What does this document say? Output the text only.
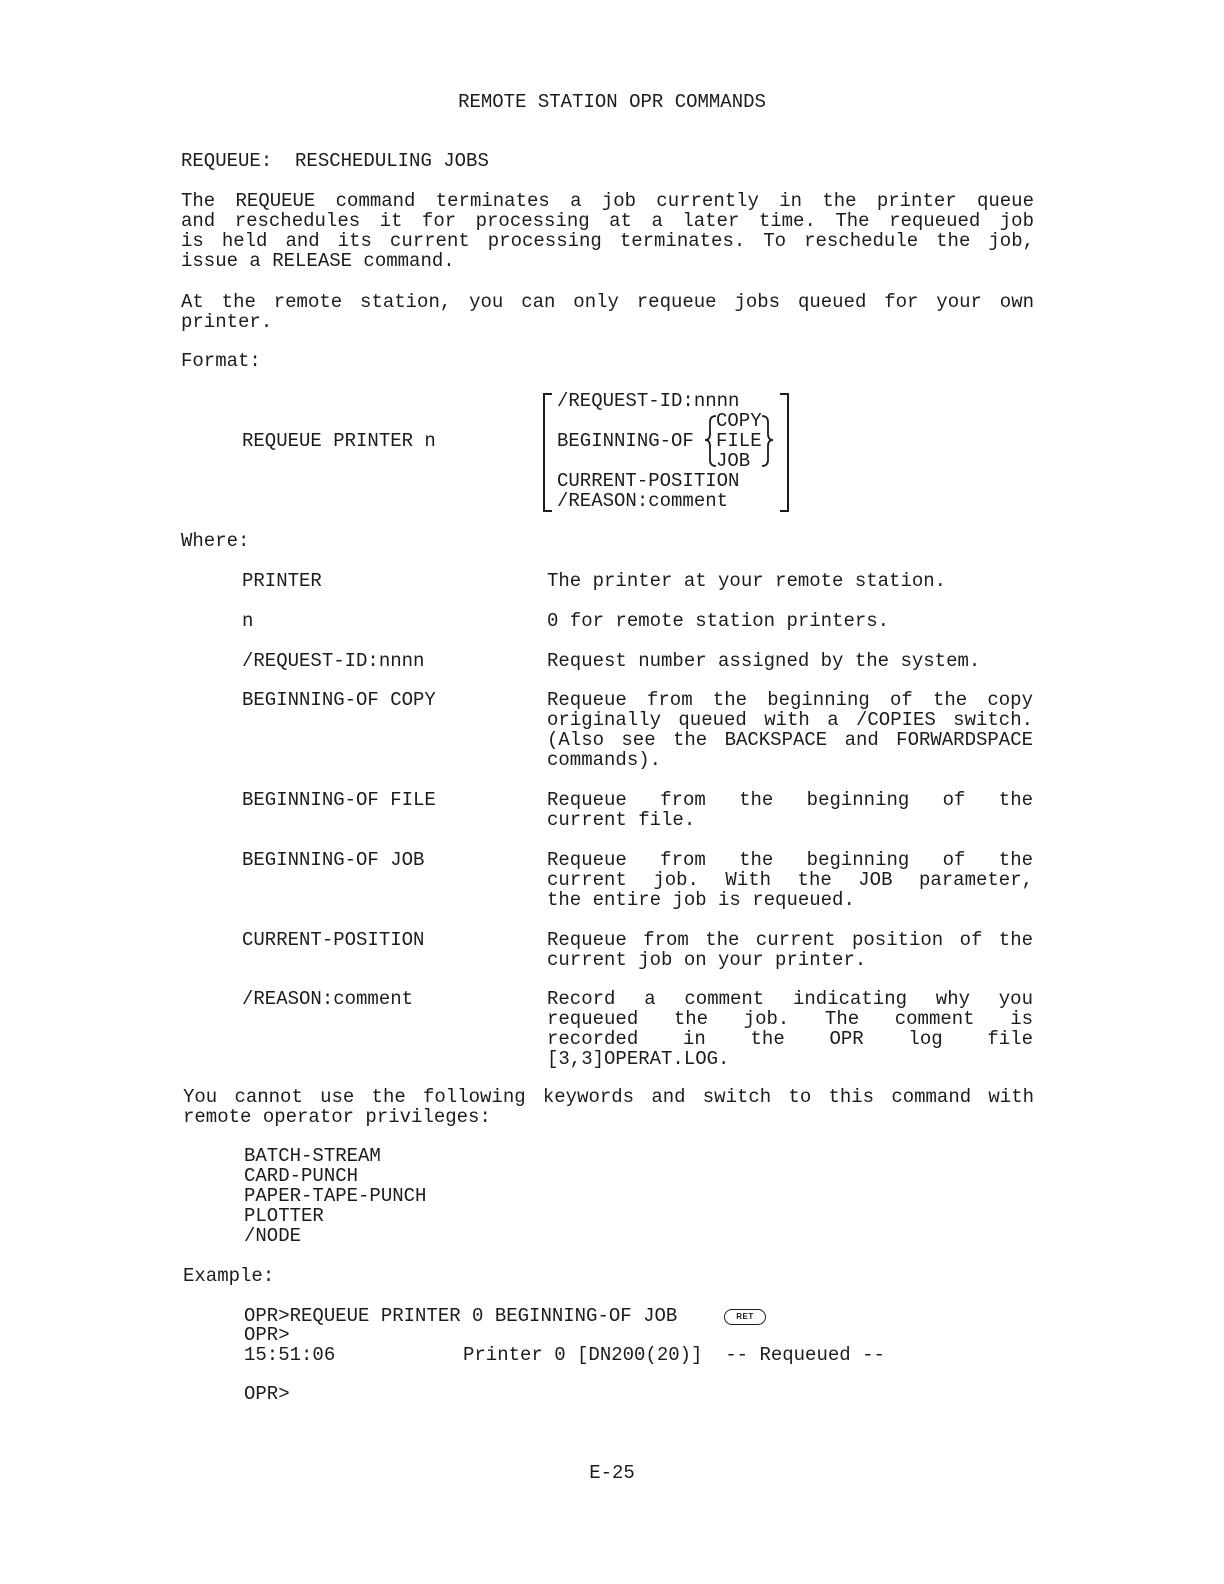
REMOTE STATION OPR COMMANDS
REQUEUE:  RESCHEDULING JOBS
The REQUEUE command terminates a job currently in the printer queue
and reschedules it for processing at a later time. The requeued job
is held and its current processing terminates. To reschedule the job,
issue a RELEASE command.
At the remote station, you can only requeue jobs queued for your own
printer.
Format:
REQUEUE PRINTER n
/REQUEST-ID:nnnn
COPY
BEGINNING-OF FILE
JOB
CURRENT-POSITION
/REASON:comment
Where:
PRINTER	The printer at your remote station.
n	0 for remote station printers.
/REQUEST-ID:nnnn	Request number assigned by the system.
BEGINNING-OF COPY	Requeue from the beginning of the copy
originally queued with a /COPIES switch.
(Also see the BACKSPACE and FORWARDSPACE
commands).
BEGINNING-OF FILE	Requeue from the beginning of the
current file.
BEGINNING-OF JOB	Requeue from the beginning of the
current job. With the JOB parameter,
the entire job is requeued.
CURRENT-POSITION	Requeue from the current position of the
current job on your printer.
/REASON:comment	Record a comment indicating why you
requeued the job. The comment is
recorded in the OPR log file
[3,3]OPERAT.LOG.
You cannot use the following keywords and switch to this command with
remote operator privileges:
BATCH-STREAM
CARD-PUNCH
PAPER-TAPE-PUNCH
PLOTTER
/NODE
Example:
OPR>REQUEUE PRINTER 0 BEGINNING-OF JOB	RET
OPR>
15:51:06	Printer 0 [DN200(20)]  -- Requeued --
OPR>
E-25
